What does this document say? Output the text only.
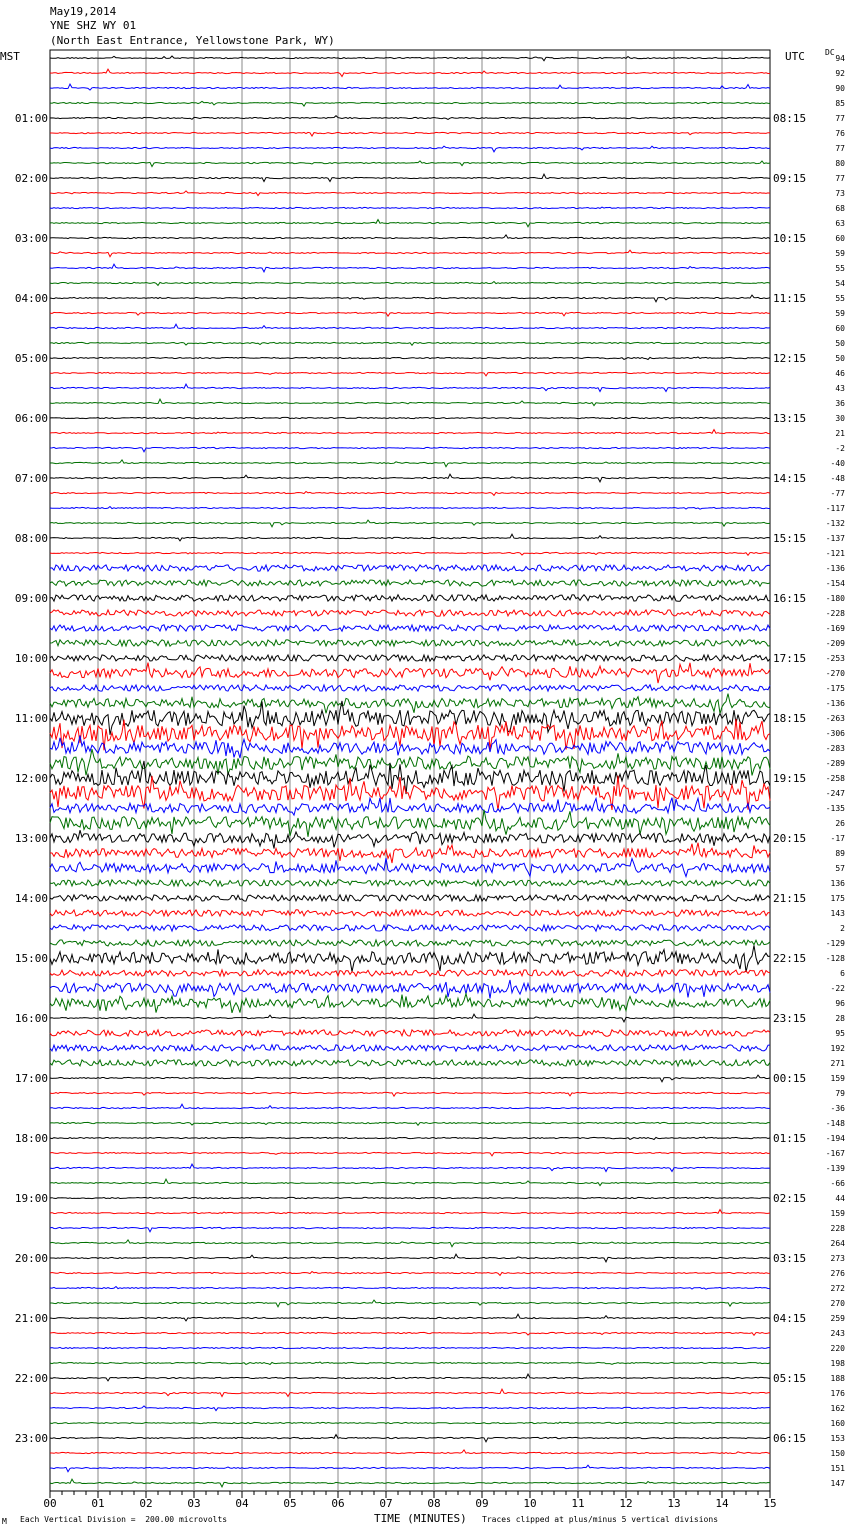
May19,2014
YNE SHZ WY 01
(North East Entrance, Yellowstone Park, WY)
MST	UTC	DC
00	01	02	03	04	05	06	07	08	09	10	11	12	13	14	15
01:00
02:00
03:00
04:00
05:00
06:00
07:00
08:00
09:00
10:00
11:00
12:00
13:00
14:00
15:00
16:00
17:00
18:00
19:00
20:00
21:00
22:00
23:00
08:15
09:15
10:15
11:15
12:15
13:15
14:15
15:15
16:15
17:15
18:15
19:15
20:15
21:15
22:15
23:15
00:15
01:15
02:15
03:15
04:15
05:15
06:15
94
92
90
85
77
76
77
80
77
73
68
63
60
59
55
54
55
59
60
50
50
46
43
36
30
21
-2
-40
-48
-77
-117
-132
-137
-121
-136
-154
-180
-228
-169
-209
-253
-270
-175
-136
-263
-306
-283
-289
-258
-247
-135
26
-17
89
57
136
175
143
2
-129
-128
6
-22
96
28
95
192
271
159
79
-36
-148
-194
-167
-139
-66
44
159
228
264
273
276
272
270
259
243
220
198
188
176
162
160
153
150
151
147
M Each Vertical Division =  200.00 microvolts	TIME (MINUTES) Traces clipped at plus/minus 5 vertical divisions
